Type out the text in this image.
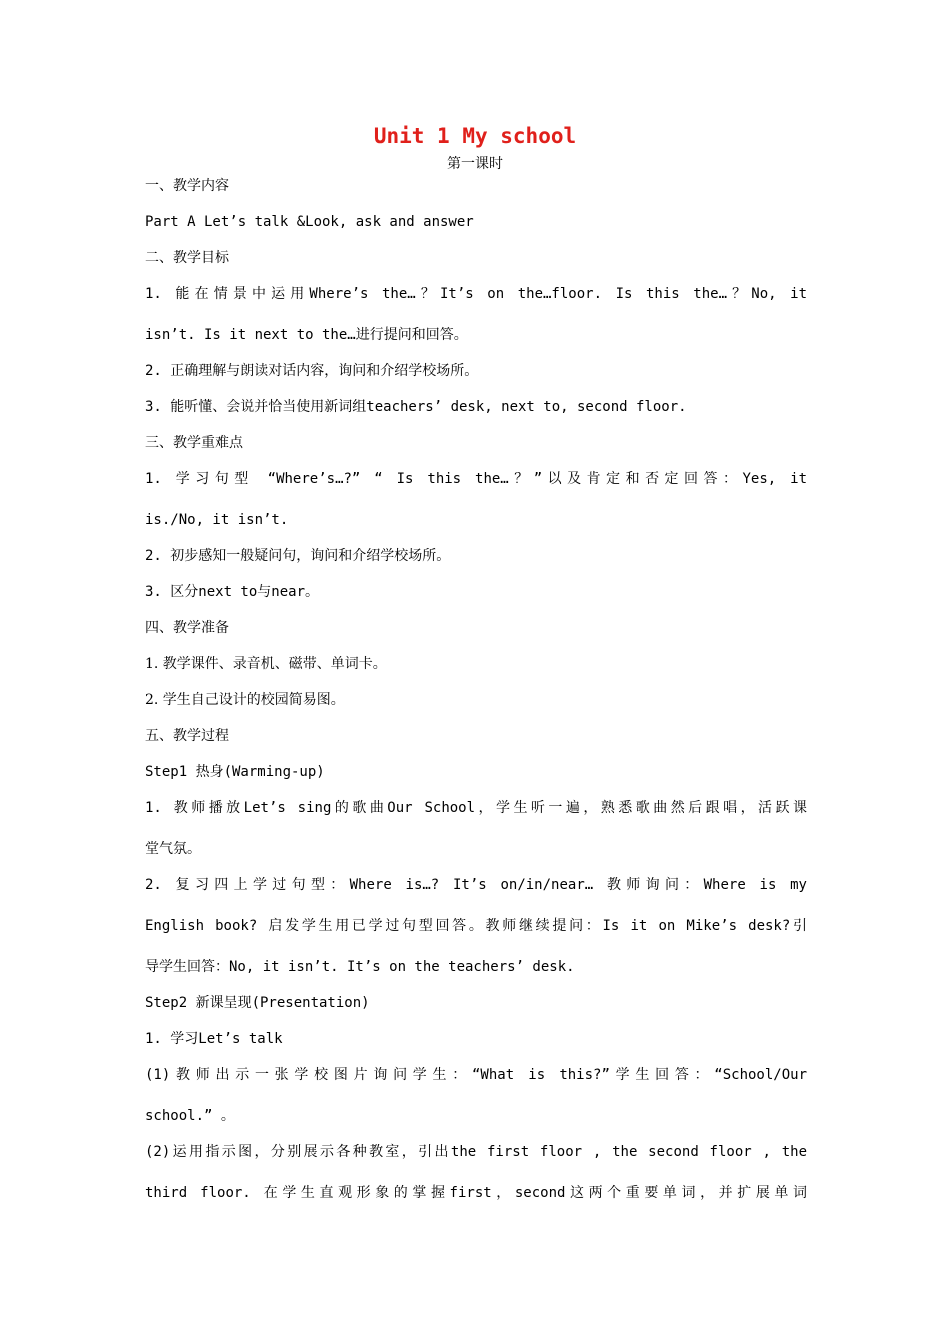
Unit 1 My school
第一课时
一、教学内容
Part A Let’s talk &Look, ask and answer
二、教学目标
1. 能在情景中运用Where’s the…？It’s on the…floor. Is this the…？No, it
isn’t. Is it next to the…进行提问和回答。
2. 正确理解与朗读对话内容，询问和介绍学校场所。
3. 能听懂、会说并恰当使用新词组teachers’ desk, next to, second floor.
三、教学重难点
1. 学习句型 “Where’s…?” “ Is this the…？”以及肯定和否定回答：Yes, it
is./No, it isn’t.
2. 初步感知一般疑问句，询问和介绍学校场所。
3. 区分next to与near。
四、教学准备
1. 教学课件、录音机、磁带、单词卡。
2. 学生自己设计的校园简易图。
五、教学过程
Step1 热身(Warming-up)
1. 教师播放Let’s sing的歌曲Our School，学生听一遍，熟悉歌曲然后跟唱，活跃课
堂气氛。
2. 复习四上学过句型：Where is…? It’s on/in/near… 教师询问：Where is my
English book? 启发学生用已学过句型回答。教师继续提问：Is it on Mike’s desk?引
导学生回答：No, it isn’t. It’s on the teachers’ desk.
Step2 新课呈现(Presentation)
1. 学习Let’s talk
(1)教师出示一张学校图片询问学生：“What is this?”学生回答：“School/Our
school.” 。
(2)运用指示图，分别展示各种教室，引出the first floor , the second floor , the
third floor. 在学生直观形象的掌握first，second这两个重要单词，并扩展单词
